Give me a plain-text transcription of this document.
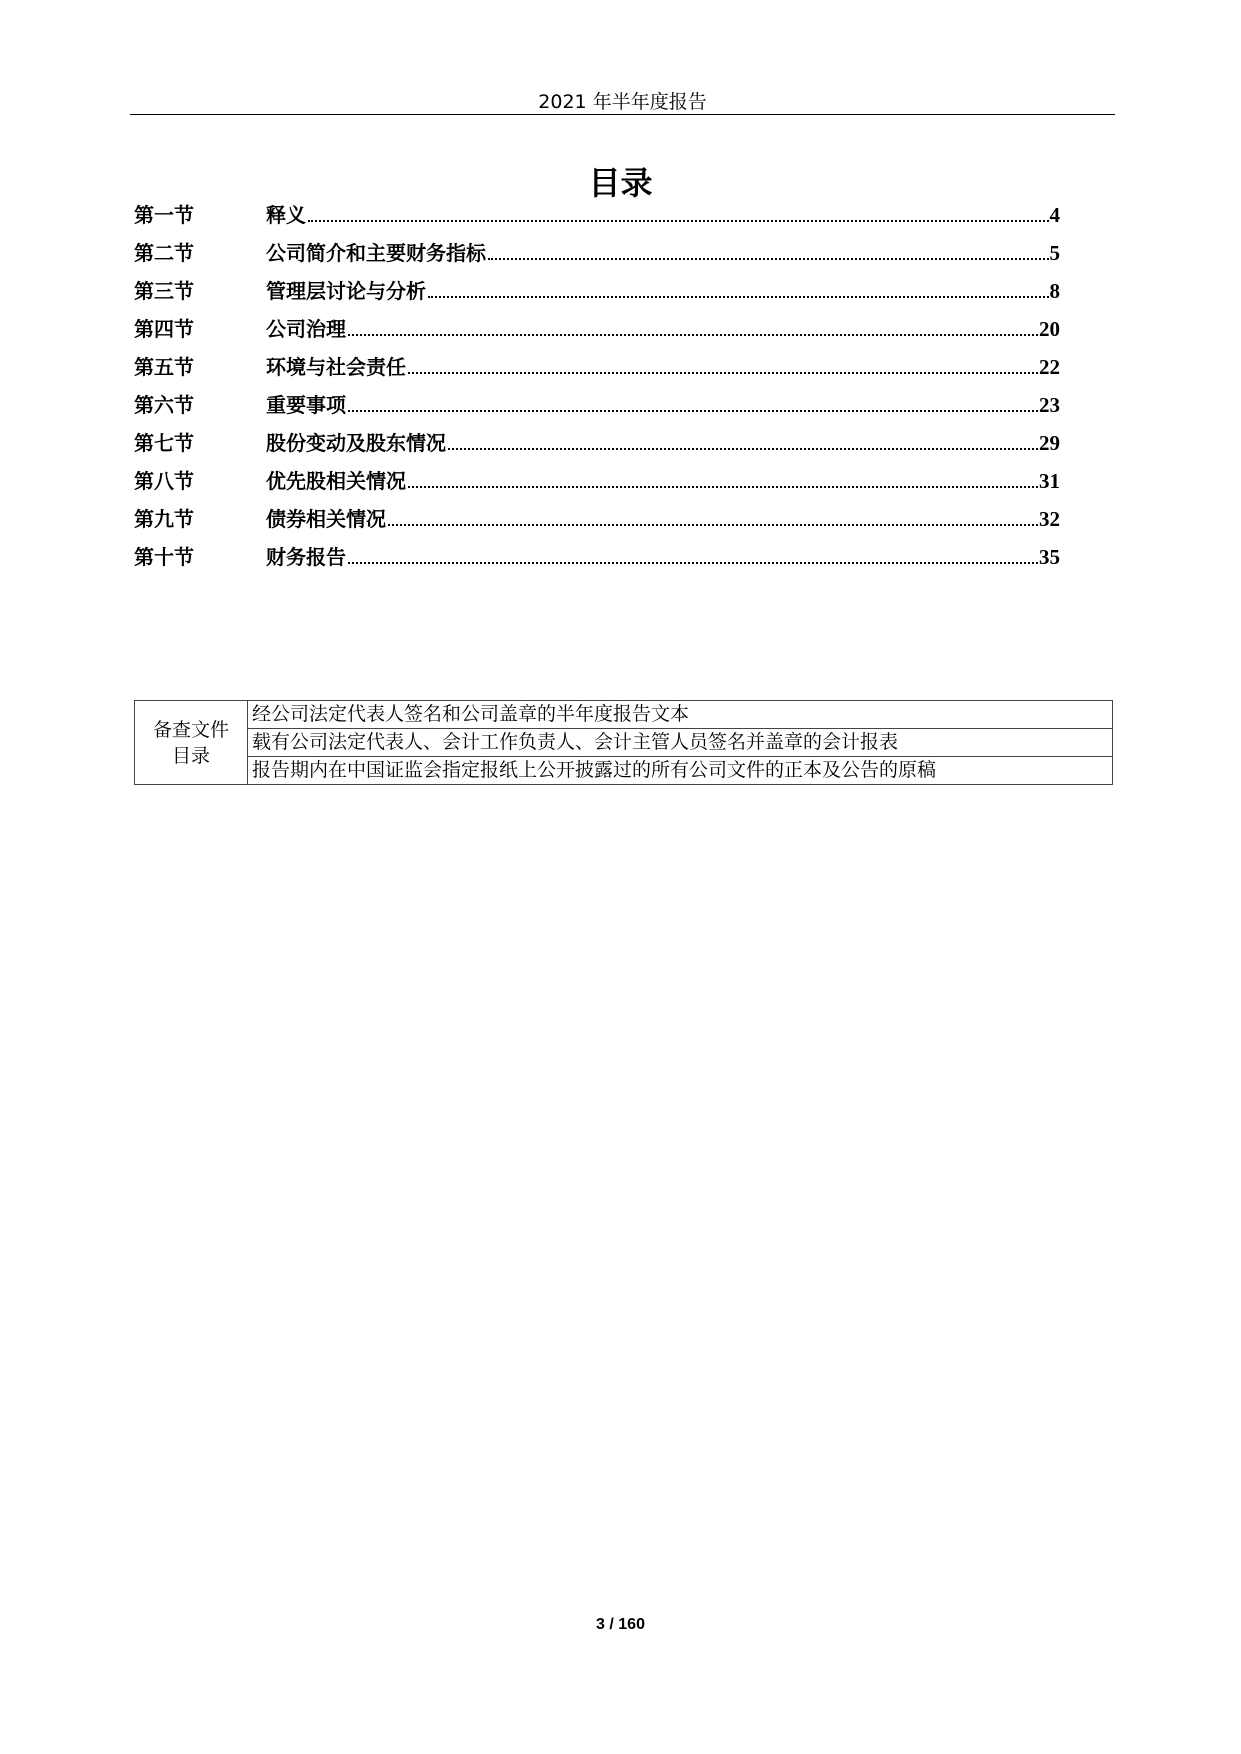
2021 年半年度报告
目录
第一节	释义	4
第二节	公司简介和主要财务指标	5
第三节	管理层讨论与分析	8
第四节	公司治理	20
第五节	环境与社会责任	22
第六节	重要事项	23
第七节	股份变动及股东情况	29
第八节	优先股相关情况	31
第九节	债券相关情况	32
第十节	财务报告	35
备查文件
目录
	经公司法定代表人签名和公司盖章的半年度报告文本
载有公司法定代表人、会计工作负责人、会计主管人员签名并盖章的会计报表
报告期内在中国证监会指定报纸上公开披露过的所有公司文件的正本及公告的原稿
3 / 160
